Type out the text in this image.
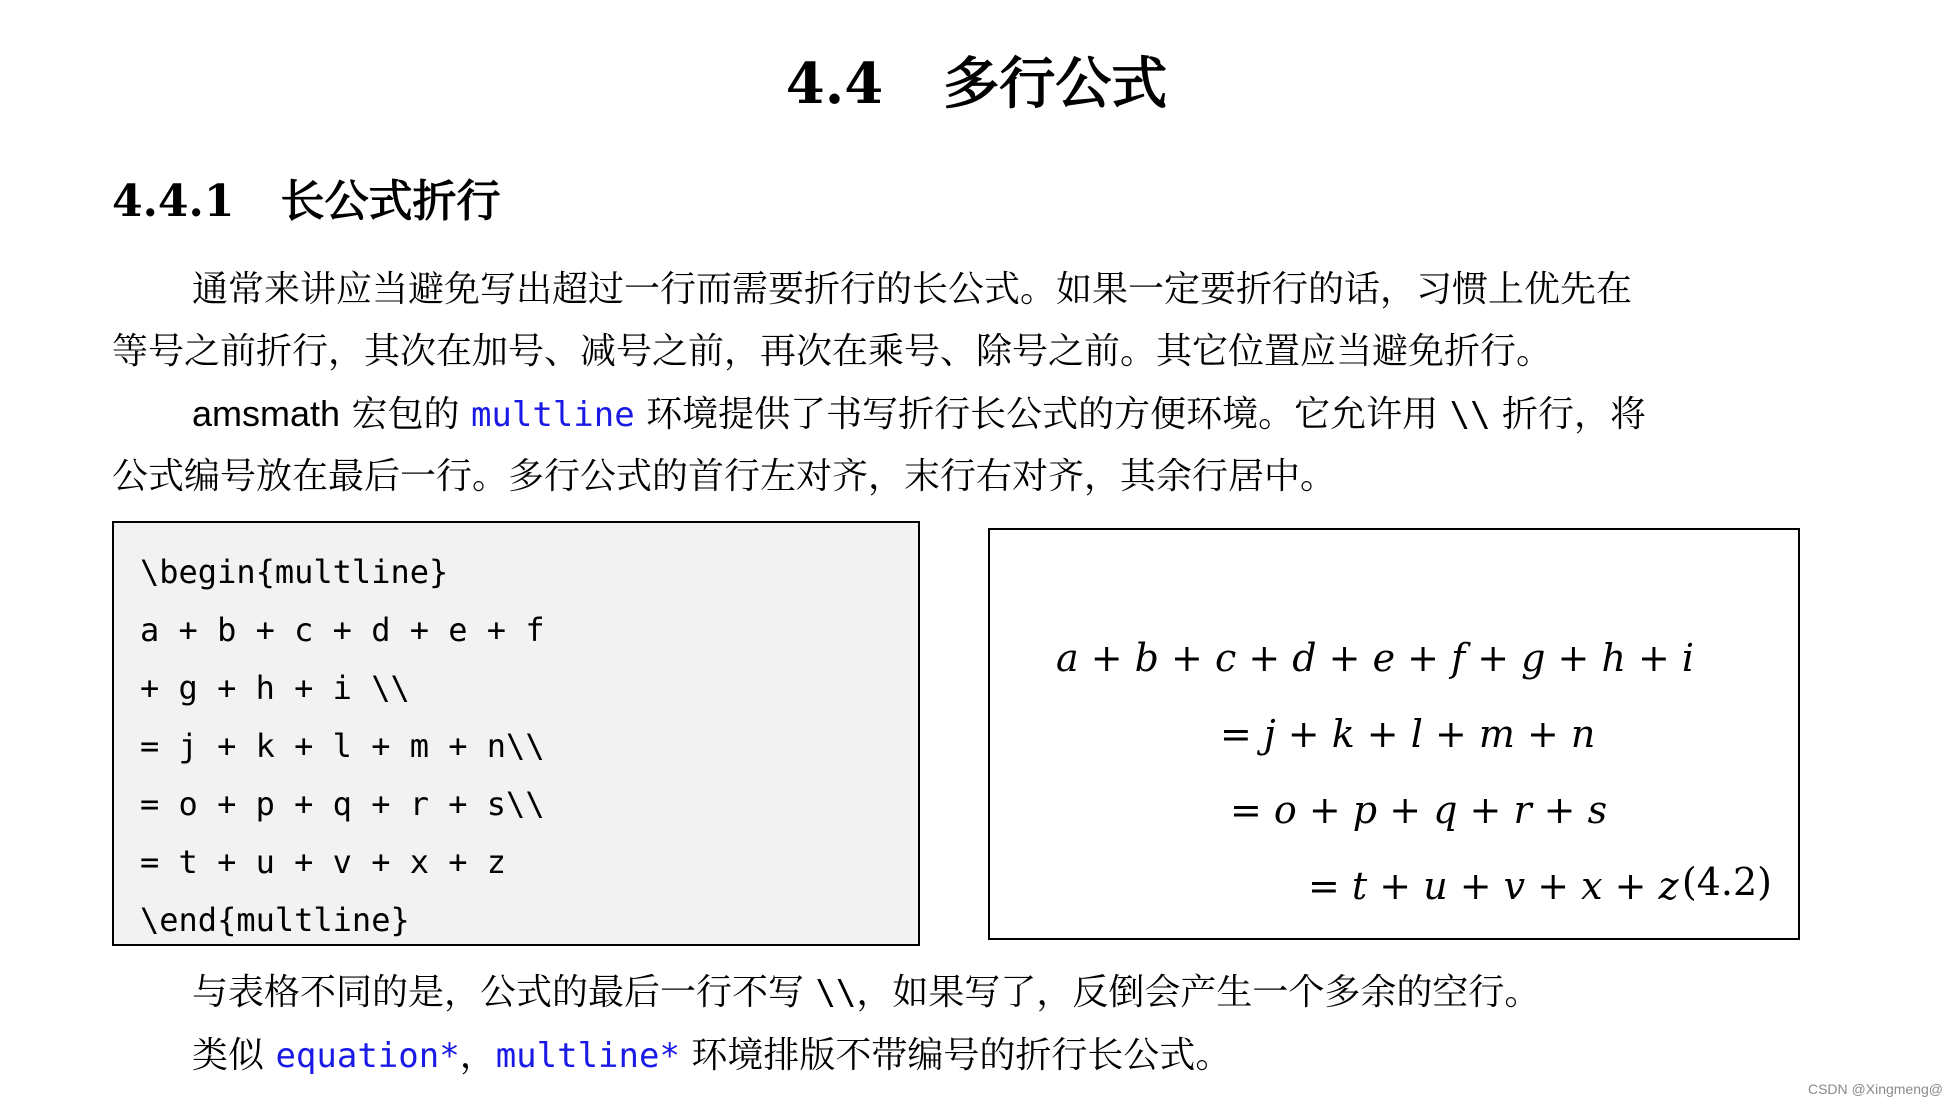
4.4 多行公式
4.4.1 长公式折行
通常来讲应当避免写出超过一行而需要折行的长公式。如果一定要折行的话，习惯上优先在
等号之前折行，其次在加号、减号之前，再次在乘号、除号之前。其它位置应当避免折行。
amsmath 宏包的 multline 环境提供了书写折行长公式的方便环境。它允许用 \\ 折行，将
公式编号放在最后一行。多行公式的首行左对齐，末行右对齐，其余行居中。
\begin{multline}
a + b + c + d + e + f
+ g + h + i \\
= j + k + l + m + n\\
= o + p + q + r + s\\
= t + u + v + x + z
\end{multline}
a + b + c + d + e + f + g + h + i
= j + k + l + m + n
= o + p + q + r + s
= t + u + v + x + z (4.2)
与表格不同的是，公式的最后一行不写 \\，如果写了，反倒会产生一个多余的空行。
类似 equation*，multline* 环境排版不带编号的折行长公式。
CSDN @Xingmeng@
